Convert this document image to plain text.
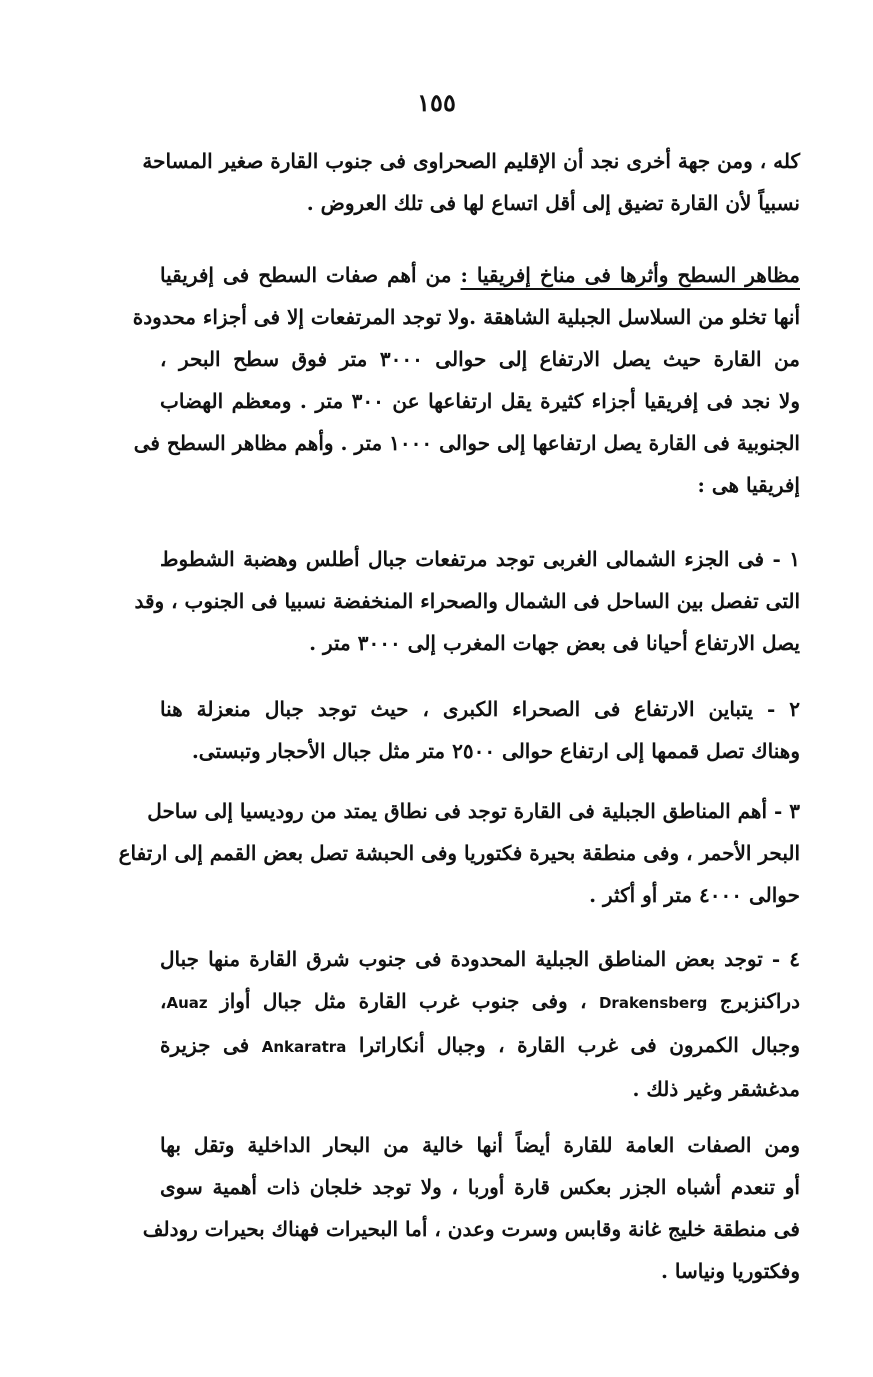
١٥٥
كله ، ومن جهة أخرى نجد أن الإقليم الصحراوى فى جنوب القارة صغير المساحة
نسبياً لأن القارة تضيق إلى أقل اتساع لها فى تلك العروض .
مظاهر السطح وأثرها فى مناخ إفريقيا : من أهم صفات السطح فى إفريقيا
أنها تخلو من السلاسل الجبلية الشاهقة .ولا توجد المرتفعات إلا فى أجزاء محدودة
من القارة حيث يصل الارتفاع إلى حوالى ٣٠٠٠ متر فوق سطح البحر ،
ولا نجد فى إفريقيا أجزاء كثيرة يقل ارتفاعها عن ٣٠٠ متر . ومعظم الهضاب
الجنوبية فى القارة يصل ارتفاعها إلى حوالى ١٠٠٠ متر . وأهم مظاهر السطح فى
إفريقيا هى :
١ - فى الجزء الشمالى الغربى توجد مرتفعات جبال أطلس وهضبة الشطوط
التى تفصل بين الساحل فى الشمال والصحراء المنخفضة نسبيا فى الجنوب ، وقد
يصل الارتفاع أحيانا فى بعض جهات المغرب إلى ٣٠٠٠ متر .
٢ - يتباين الارتفاع فى الصحراء الكبرى ، حيث توجد جبال منعزلة هنا
وهناك تصل قممها إلى ارتفاع حوالى ٢٥٠٠ متر مثل جبال الأحجار وتبستى.
٣ - أهم المناطق الجبلية فى القارة توجد فى نطاق يمتد من روديسيا إلى ساحل
البحر الأحمر ، وفى منطقة بحيرة فكتوريا وفى الحبشة تصل بعض القمم إلى ارتفاع
حوالى ٤٠٠٠ متر أو أكثر .
٤ - توجد بعض المناطق الجبلية المحدودة فى جنوب شرق القارة منها جبال
دراكنزبرج Drakensberg ، وفى جنوب غرب القارة مثل جبال أواز Auaz،
وجبال الكمرون فى غرب القارة ، وجبال أنكاراترا Ankaratra فى جزيرة
مدغشقر وغير ذلك .
ومن الصفات العامة للقارة أيضاً أنها خالية من البحار الداخلية وتقل بها
أو تنعدم أشباه الجزر بعكس قارة أوربا ، ولا توجد خلجان ذات أهمية سوى
فى منطقة خليج غانة وقابس وسرت وعدن ، أما البحيرات فهناك بحيرات رودلف
وفكتوريا ونياسا .
